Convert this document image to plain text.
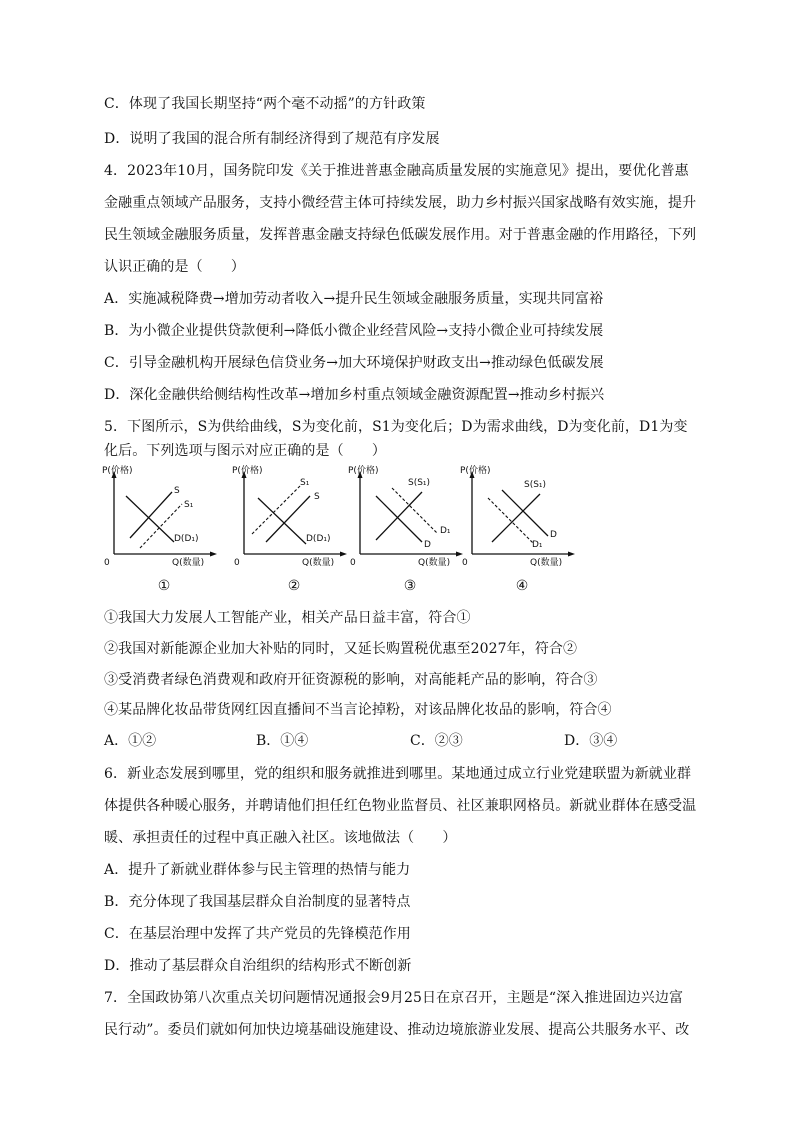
C．体现了我国长期坚持“两个毫不动摇”的方针政策
D．说明了我国的混合所有制经济得到了规范有序发展
4．2023年10月，国务院印发《关于推进普惠金融高质量发展的实施意见》提出，要优化普惠
金融重点领域产品服务，支持小微经营主体可持续发展，助力乡村振兴国家战略有效实施，提升
民生领域金融服务质量，发挥普惠金融支持绿色低碳发展作用。对于普惠金融的作用路径，下列
认识正确的是（　　）
A．实施减税降费→增加劳动者收入→提升民生领域金融服务质量，实现共同富裕
B．为小微企业提供贷款便利→降低小微企业经营风险→支持小微企业可持续发展
C．引导金融机构开展绿色信贷业务→加大环境保护财政支出→推动绿色低碳发展
D．深化金融供给侧结构性改革→增加乡村重点领域金融资源配置→推动乡村振兴
5．下图所示，S为供给曲线，S为变化前，S1为变化后；D为需求曲线，D为变化前，D1为变
化后。下列选项与图示对应正确的是（　　）
P(价格)
0	Q(数量)
S
S₁
D(D₁)
①
P(价格)
0	Q(数量)
S₁
S
D(D₁)
②
P(价格)
0	Q(数量)
S(S₁)
D
D₁
③
P(价格)
0	Q(数量)
S(S₁)
D
D₁
④
①我国大力发展人工智能产业，相关产品日益丰富，符合①
②我国对新能源企业加大补贴的同时，又延长购置税优惠至2027年，符合②
③受消费者绿色消费观和政府开征资源税的影响，对高能耗产品的影响，符合③
④某品牌化妆品带货网红因直播间不当言论掉粉，对该品牌化妆品的影响，符合④
A．①②	B．①④	C．②③	D．③④
6．新业态发展到哪里，党的组织和服务就推进到哪里。某地通过成立行业党建联盟为新就业群
体提供各种暖心服务，并聘请他们担任红色物业监督员、社区兼职网格员。新就业群体在感受温
暖、承担责任的过程中真正融入社区。该地做法（　　）
A．提升了新就业群体参与民主管理的热情与能力
B．充分体现了我国基层群众自治制度的显著特点
C．在基层治理中发挥了共产党员的先锋模范作用
D．推动了基层群众自治组织的结构形式不断创新
7．全国政协第八次重点关切问题情况通报会9月25日在京召开，主题是“深入推进固边兴边富
民行动”。委员们就如何加快边境基础设施建设、推动边境旅游业发展、提高公共服务水平、改
